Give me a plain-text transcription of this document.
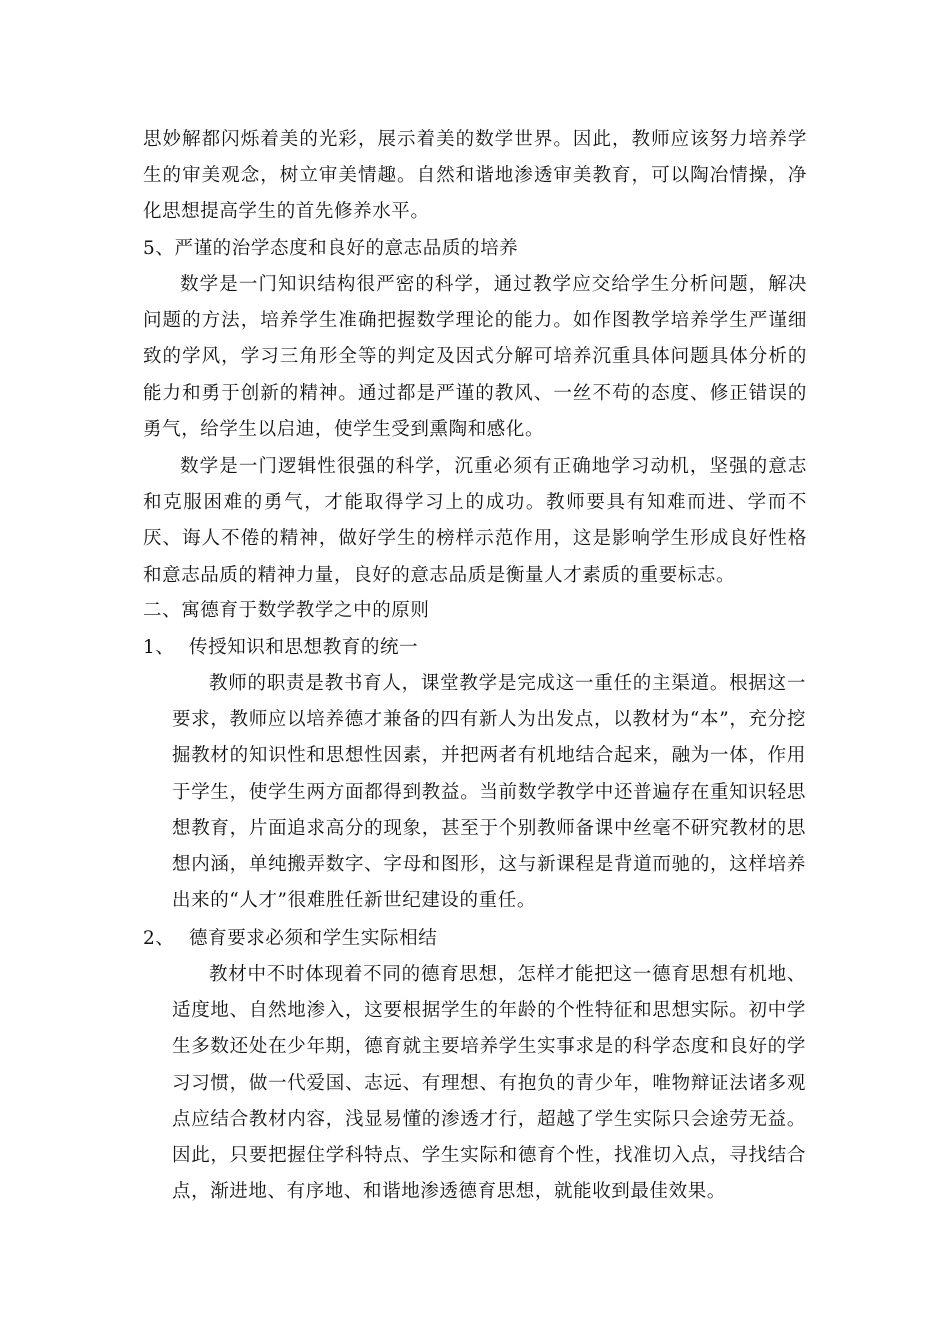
思妙解都闪烁着美的光彩，展示着美的数学世界。因此，教师应该努力培养学生的审美观念，树立审美情趣。自然和谐地渗透审美教育，可以陶冶情操，净化思想提高学生的首先修养水平。
5、严谨的治学态度和良好的意志品质的培养
数学是一门知识结构很严密的科学，通过教学应交给学生分析问题，解决问题的方法，培养学生准确把握数学理论的能力。如作图教学培养学生严谨细致的学风，学习三角形全等的判定及因式分解可培养沉重具体问题具体分析的能力和勇于创新的精神。通过都是严谨的教风、一丝不苟的态度、修正错误的勇气，给学生以启迪，使学生受到熏陶和感化。
数学是一门逻辑性很强的科学，沉重必须有正确地学习动机，坚强的意志和克服困难的勇气，才能取得学习上的成功。教师要具有知难而进、学而不厌、诲人不倦的精神，做好学生的榜样示范作用，这是影响学生形成良好性格和意志品质的精神力量，良好的意志品质是衡量人才素质的重要标志。
二、寓德育于数学教学之中的原则
1、 传授知识和思想教育的统一
教师的职责是教书育人，课堂教学是完成这一重任的主渠道。根据这一要求，教师应以培养德才兼备的四有新人为出发点，以教材为“本”，充分挖掘教材的知识性和思想性因素，并把两者有机地结合起来，融为一体，作用于学生，使学生两方面都得到教益。当前数学教学中还普遍存在重知识轻思想教育，片面追求高分的现象，甚至于个别教师备课中丝毫不研究教材的思想内涵，单纯搬弄数字、字母和图形，这与新课程是背道而驰的，这样培养出来的“人才”很难胜任新世纪建设的重任。
2、 德育要求必须和学生实际相结
教材中不时体现着不同的德育思想，怎样才能把这一德育思想有机地、适度地、自然地渗入，这要根据学生的年龄的个性特征和思想实际。初中学生多数还处在少年期，德育就主要培养学生实事求是的科学态度和良好的学习习惯，做一代爱国、志远、有理想、有抱负的青少年，唯物辩证法诸多观点应结合教材内容，浅显易懂的渗透才行，超越了学生实际只会途劳无益。因此，只要把握住学科特点、学生实际和德育个性，找准切入点，寻找结合点，渐进地、有序地、和谐地渗透德育思想，就能收到最佳效果。
